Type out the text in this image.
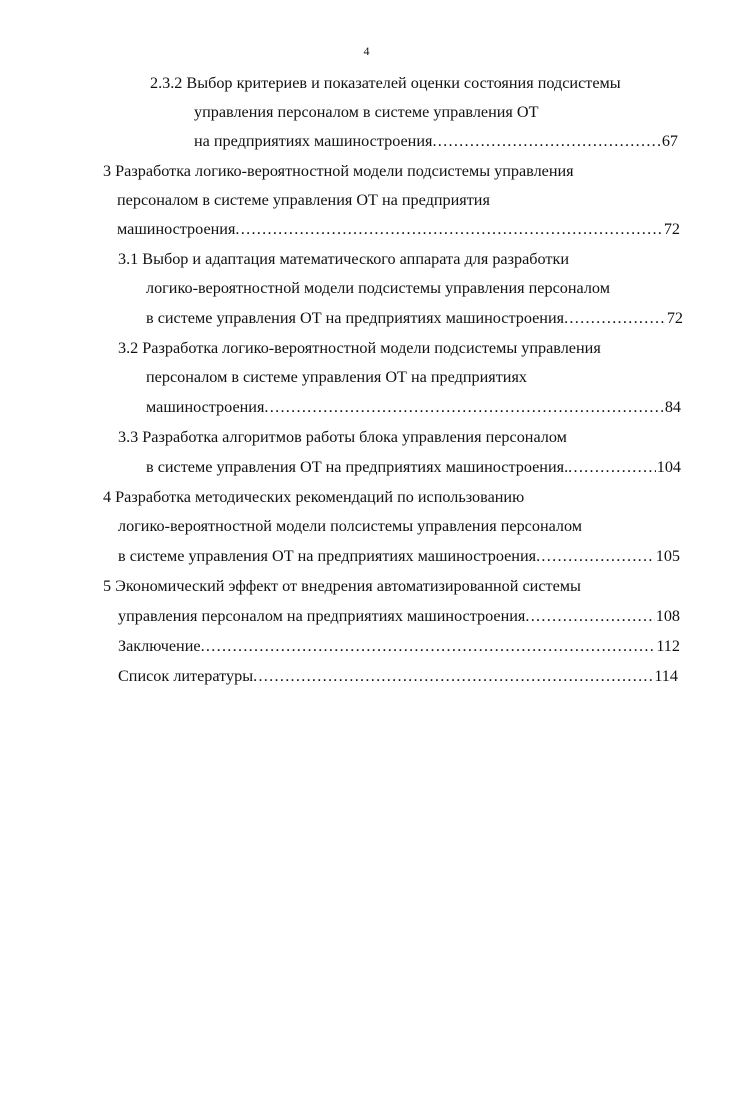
4
2.3.2 Выбор критериев и показателей оценки состояния подсистемы
управления персоналом в системе управления ОТ
на предприятиях машиностроения .....	67
3 Разработка логико-вероятностной модели подсистемы управления
персоналом в системе управления ОТ на предприятия
машиностроения .....	72
3.1 Выбор и адаптация математического аппарата для разработки
логико-вероятностной модели подсистемы управления персоналом
в системе управления ОТ на предприятиях машиностроения .....	72
3.2 Разработка логико-вероятностной модели подсистемы управления
персоналом в системе управления ОТ на предприятиях
машиностроения .....	84
3.3 Разработка алгоритмов работы блока управления персоналом
в системе управления ОТ на предприятиях машиностроения. .....	104
4 Разработка методических рекомендаций по использованию
логико-вероятностной модели полсистемы управления персоналом
в системе управления ОТ на предприятиях машиностроения .....	105
5 Экономический эффект от внедрения автоматизированной системы
управления персоналом на предприятиях машиностроения .....	108
Заключение .....	112
Список литературы .....	114
